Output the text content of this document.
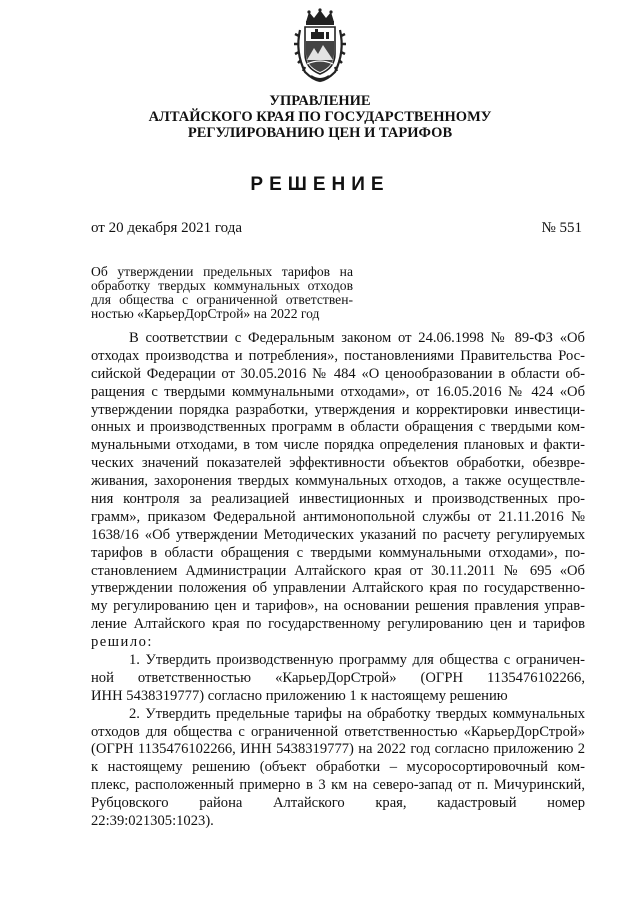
УПРАВЛЕНИЕ

АЛТАЙСКОГО КРАЯ ПО ГОСУДАРСТВЕННОМУ

РЕГУЛИРОВАНИЮ ЦЕН И ТАРИФОВ

РЕШЕНИЕ
от 20 декабря 2021 года	№ 551
Об утверждении предельных тарифов на
обработку твердых коммунальных отходов
для общества с ограниченной ответствен-
ностью «КарьерДорСтрой» на 2022 год
В соответствии с Федеральным законом от 24.06.1998 № 89-ФЗ «Об
отходах производства и потребления», постановлениями Правительства Рос-
сийской Федерации от 30.05.2016 № 484 «О ценообразовании в области об-
ращения с твердыми коммунальными отходами», от 16.05.2016 № 424 «Об
утверждении порядка разработки, утверждения и корректировки инвестици-
онных и производственных программ в области обращения с твердыми ком-
мунальными отходами, в том числе порядка определения плановых и факти-
ческих значений показателей эффективности объектов обработки, обезвре-
живания, захоронения твердых коммунальных отходов, а также осуществле-
ния контроля за реализацией инвестиционных и производственных про-
грамм», приказом Федеральной антимонопольной службы от 21.11.2016 №
1638/16 «Об утверждении Методических указаний по расчету регулируемых
тарифов в области обращения с твердыми коммунальными отходами», по-
становлением Администрации Алтайского края от 30.11.2011 № 695 «Об
утверждении положения об управлении Алтайского края по государственно-
му регулированию цен и тарифов», на основании решения правления управ-
ление Алтайского края по государственному регулированию цен и тарифов
решило:
1. Утвердить производственную программу для общества с ограничен-
ной ответственностью «КарьерДорСтрой» (ОГРН 1135476102266,
ИНН 5438319777) согласно приложению 1 к настоящему решению
2. Утвердить предельные тарифы на обработку твердых коммунальных
отходов для общества с ограниченной ответственностью «КарьерДорСтрой»
(ОГРН 1135476102266, ИНН 5438319777) на 2022 год согласно приложению 2
к настоящему решению (объект обработки – мусоросортировочный ком-
плекс, расположенный примерно в 3 км на северо-запад от п. Мичуринский,
Рубцовского района Алтайского края, кадастровый номер
22:39:021305:1023).
